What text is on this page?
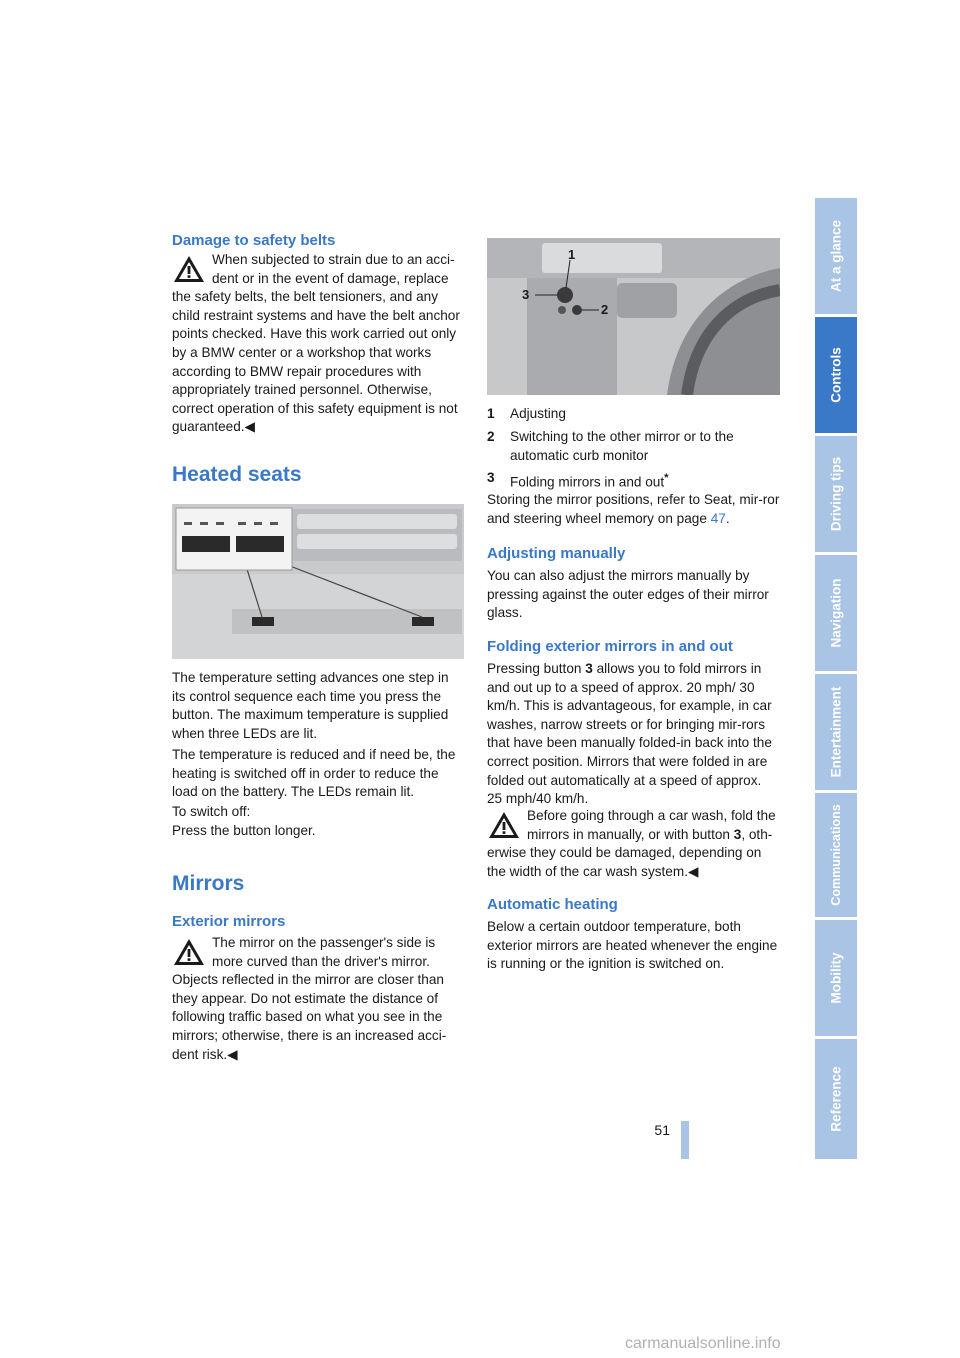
Damage to safety belts
When subjected to strain due to an acci-dent or in the event of damage, replace the safety belts, the belt tensioners, and any child restraint systems and have the belt anchor points checked. Have this work carried out only by a BMW center or a workshop that works according to BMW repair procedures with appropriately trained personnel. Otherwise, correct operation of this safety equipment is not guaranteed.◀
Heated seats

The temperature setting advances one step in its control sequence each time you press the button. The maximum temperature is supplied when three LEDs are lit.

The temperature is reduced and if need be, the heating is switched off in order to reduce the load on the battery. The LEDs remain lit.

To switch off:
Press the button longer.

Mirrors
Exterior mirrors
The mirror on the passenger's side is more curved than the driver's mirror. Objects reflected in the mirror are closer than they appear. Do not estimate the distance of following traffic based on what you see in the mirrors; otherwise, there is an increased acci-dent risk.◀
1
3
2
1 Adjusting
2 Switching to the other mirror or to the automatic curb monitor
3 Folding mirrors in and out*

Storing the mirror positions, refer to Seat, mir-ror and steering wheel memory on page 47.

Adjusting manually

You can also adjust the mirrors manually by pressing against the outer edges of their mirror glass.

Folding exterior mirrors in and out

Pressing button 3 allows you to fold mirrors in and out up to a speed of approx. 20 mph/ 30 km/h. This is advantageous, for example, in car washes, narrow streets or for bringing mir-rors that have been manually folded-in back into the correct position. Mirrors that were folded in are folded out automatically at a speed of approx. 25 mph/40 km/h.

Before going through a car wash, fold the mirrors in manually, or with button 3, oth-erwise they could be damaged, depending on the width of the car wash system.◀
Automatic heating

Below a certain outdoor temperature, both exterior mirrors are heated whenever the engine is running or the ignition is switched on.

At a glance
Controls
Driving tips
Navigation
Entertainment
Communications
Mobility
Reference
51
carmanualsonline.info
